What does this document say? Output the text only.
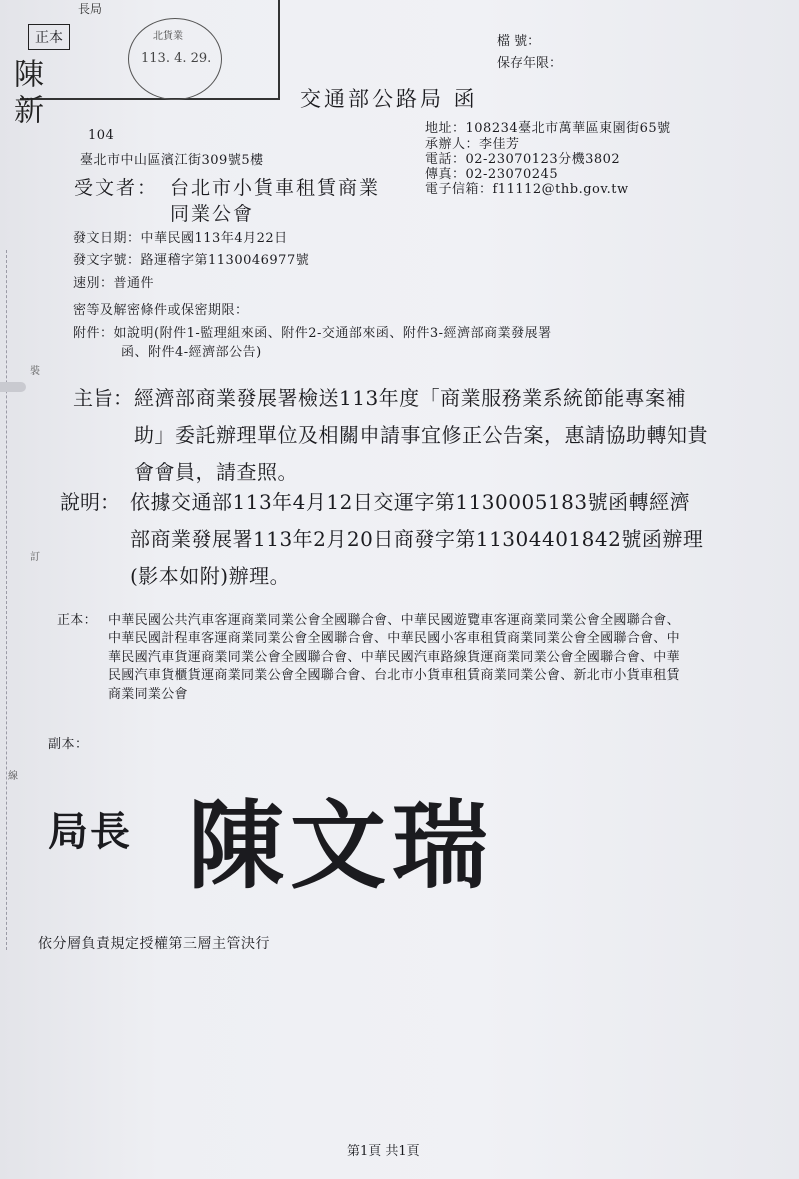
裝
訂
線
正本
長局
北貨業
113. 4. 29.
陳新
檔 號：
保存年限：
交通部公路局 函
地址：108234臺北市萬華區東園街65號
承辦人：李佳芳
電話：02-23070123分機3802
傳真：02-23070245
電子信箱：f11112@thb.gov.tw
104
臺北市中山區濱江街309號5樓
受文者： 台北市小貨車租賃商業
同業公會
發文日期：中華民國113年4月22日
發文字號：路運稽字第1130046977號
速別：普通件
密等及解密條件或保密期限：
附件：如說明(附件1-監理組來函、附件2-交通部來函、附件3-經濟部商業發展署
函、附件4-經濟部公告)
主旨： 經濟部商業發展署檢送113年度「商業服務業系統節能專案補助」委託辦理單位及相關申請事宜修正公告案，惠請協助轉知貴會會員，請查照。
說明： 依據交通部113年4月12日交運字第1130005183號函轉經濟部商業發展署113年2月20日商發字第11304401842號函辦理(影本如附)辦理。
正本： 中華民國公共汽車客運商業同業公會全國聯合會、中華民國遊覽車客運商業同業公會全國聯合會、中華民國計程車客運商業同業公會全國聯合會、中華民國小客車租賃商業同業公會全國聯合會、中華民國汽車貨運商業同業公會全國聯合會、中華民國汽車路線貨運商業同業公會全國聯合會、中華民國汽車貨櫃貨運商業同業公會全國聯合會、台北市小貨車租賃商業同業公會、新北市小貨車租賃商業同業公會
副本：
局長 陳文瑞
依分層負責規定授權第三層主管決行
第1頁 共1頁
